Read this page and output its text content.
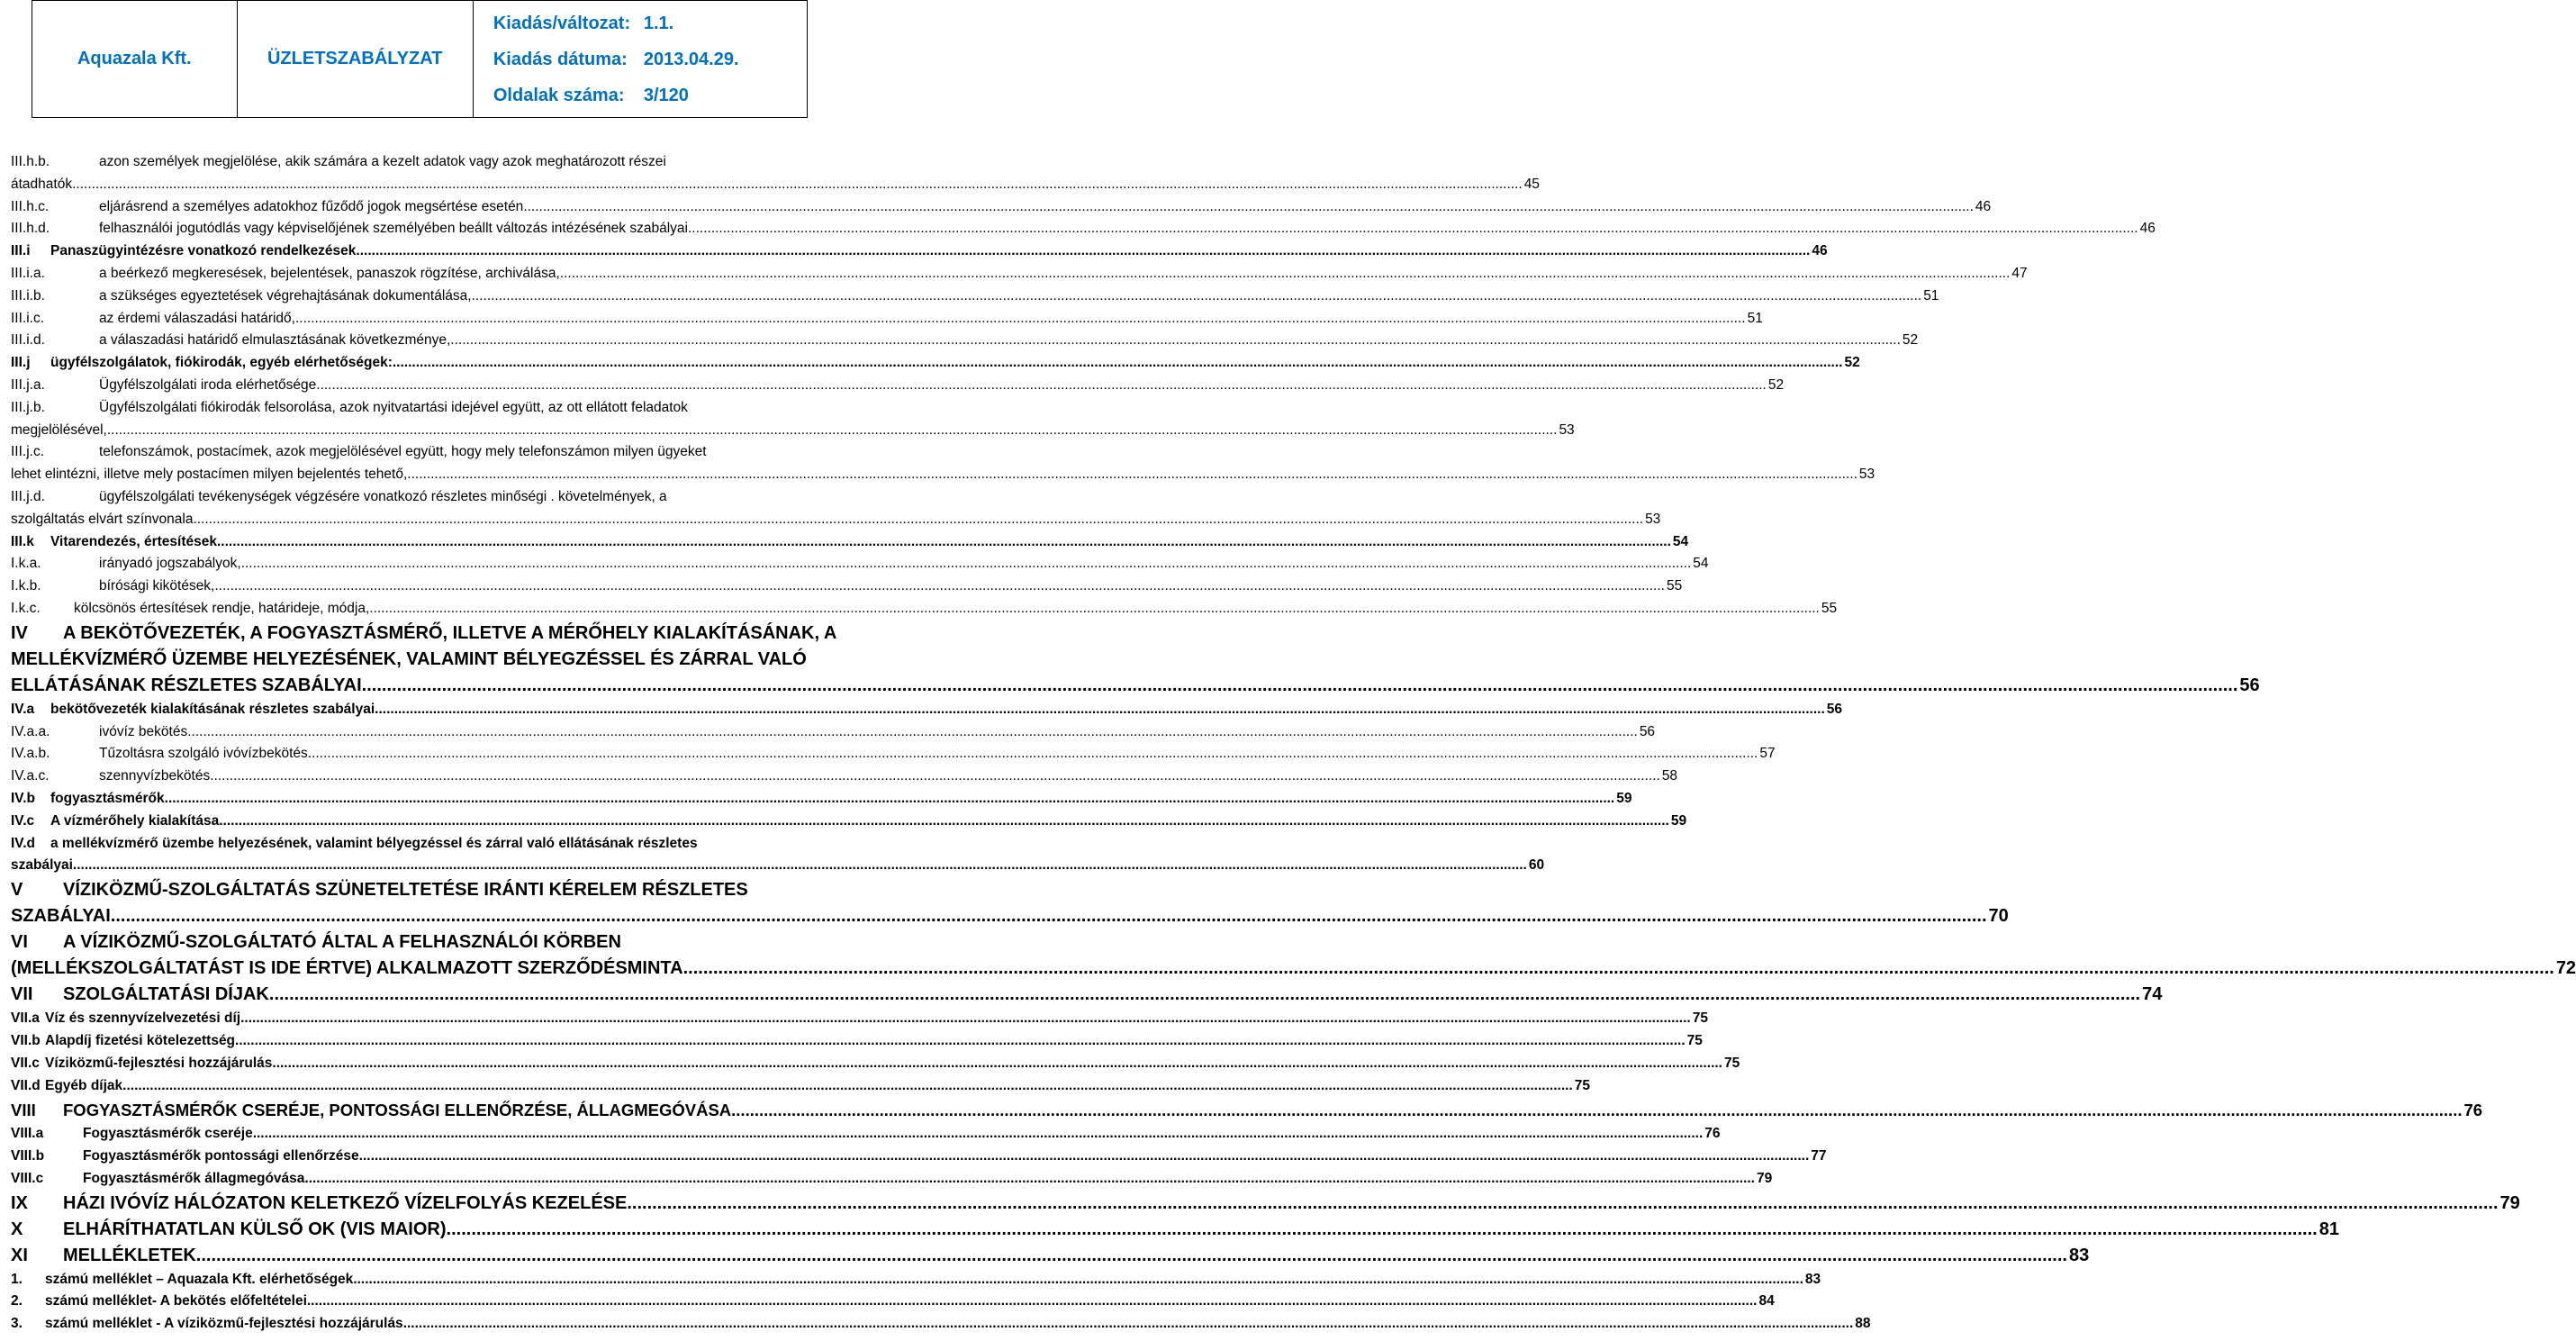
Aquazala Kft.	ÜZLETSZABÁLYZAT	
Kiadás/változat: 1.1.
Kiadás dátuma: 2013.04.29.
Oldalak száma: 3/120
III.h.b.	azon személyek megjelölése, akik számára a kezelt adatok vagy azok meghatározott részei
átadhatók .....	45
III.h.c.	eljárásrend a személyes adatokhoz fűződő jogok megsértése esetén .....	46
III.h.d.	felhasználói jogutódlás vagy képviselőjének személyében beállt változás intézésének szabályai .....	46
III.i	Panaszügyintézésre vonatkozó rendelkezések. .....	46
III.i.a.	a beérkező megkeresések, bejelentések, panaszok rögzítése, archiválása, .....	47
III.i.b.	a szükséges egyeztetések végrehajtásának dokumentálása, .....	51
III.i.c.	az érdemi válaszadási határidő, .....	51
III.i.d.	a válaszadási határidő elmulasztásának következménye, .....	52
III.j	ügyfélszolgálatok, fiókirodák, egyéb elérhetőségek: .....	52
III.j.a.	Ügyfélszolgálati iroda elérhetősége .....	52
III.j.b.	Ügyfélszolgálati fiókirodák felsorolása, azok nyitvatartási idejével együtt, az ott ellátott feladatok
megjelölésével, .....	53
III.j.c.	telefonszámok, postacímek, azok megjelölésével együtt, hogy mely telefonszámon milyen ügyeket
lehet elintézni, illetve mely postacímen milyen bejelentés tehető, .....	53
III.j.d.	ügyfélszolgálati tevékenységek végzésére vonatkozó részletes minőségi . követelmények, a
szolgáltatás elvárt színvonala .....	53
III.k	Vitarendezés, értesítések. .....	54
I.k.a.	irányadó jogszabályok, .....	54
I.k.b.	bírósági kikötések, .....	55
I.k.c.	kölcsönös értesítések rendje, határideje, módja, .....	55
IV A BEKÖTŐVEZETÉK, A FOGYASZTÁSMÉRŐ, ILLETVE A MÉRŐHELY KIALAKÍTÁSÁNAK, A
MELLÉKVÍZMÉRŐ ÜZEMBE HELYEZÉSÉNEK, VALAMINT BÉLYEGZÉSSEL ÉS ZÁRRAL VALÓ
ELLÁTÁSÁNAK RÉSZLETES SZABÁLYAI. .....	56
IV.a	bekötővezeték kialakításának részletes szabályai .....	56
IV.a.a.	ivóvíz bekötés .....	56
IV.a.b.	Tűzoltásra szolgáló ivóvízbekötés .....	57
IV.a.c.	szennyvízbekötés .....	58
IV.b	fogyasztásmérők .....	59
IV.c	A vízmérőhely kialakítása .....	59
IV.d a mellékvízmérő üzembe helyezésének, valamint bélyegzéssel és zárral való ellátásának részletes
szabályai. .....	60
V VÍZIKÖZMŰ-SZOLGÁLTATÁS SZÜNETELTETÉSE IRÁNTI KÉRELEM RÉSZLETES
SZABÁLYAI. .....	70
VI A VÍZIKÖZMŰ-SZOLGÁLTATÓ ÁLTAL A FELHASZNÁLÓI KÖRBEN
(MELLÉKSZOLGÁLTATÁST IS IDE ÉRTVE) ALKALMAZOTT SZERZŐDÉSMINTA .....	72
VII	SZOLGÁLTATÁSI DÍJAK .....	74
VII.a Víz és szennyvízelvezetési díj .....	75
VII.b Alapdíj fizetési kötelezettség .....	75
VII.c Víziközmű-fejlesztési hozzájárulás .....	75
VII.d Egyéb díjak .....	75
VIII	FOGYASZTÁSMÉRŐK CSERÉJE, PONTOSSÁGI ELLENŐRZÉSE, ÁLLAGMEGÓVÁSA .....	76
VIII.a	Fogyasztásmérők cseréje .....	76
VIII.b	Fogyasztásmérők pontossági ellenőrzése .....	77
VIII.c	Fogyasztásmérők állagmegóvása .....	79
IX	HÁZI IVÓVÍZ HÁLÓZATON KELETKEZŐ VÍZELFOLYÁS KEZELÉSE .....	79
X	ELHÁRÍTHATATLAN KÜLSŐ OK (VIS MAIOR) .....	81
XI	MELLÉKLETEK .....	83
1.	számú melléklet – Aquazala Kft. elérhetőségek .....	83
2.	számú melléklet- A bekötés előfeltételei .....	84
3.	számú melléklet - A víziközmű-fejlesztési hozzájárulás .....	88
